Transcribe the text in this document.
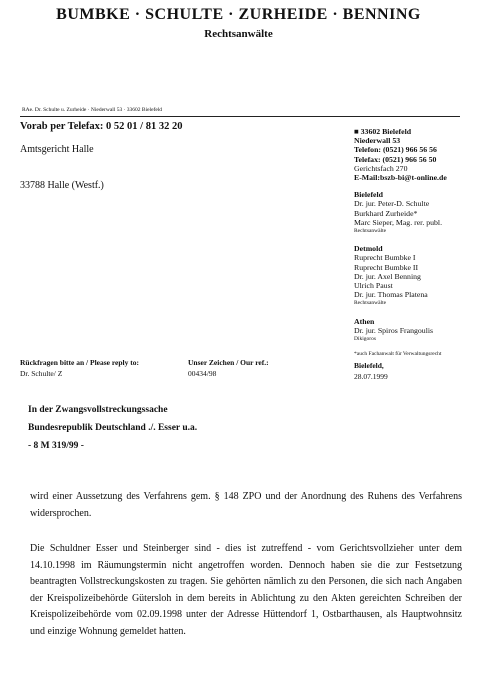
BUMBKE · SCHULTE · ZURHEIDE · BENNING
Rechtsanwälte
RAe. Dr. Schulte u. Zurheide · Niederwall 53 · 33602 Bielefeld
Vorab per Telefax: 0 52 01 / 81 32 20
Amtsgericht Halle
33788 Halle (Westf.)
■ 33602 Bielefeld
Niederwall 53
Telefon: (0521) 966 56 56
Telefax: (0521) 966 56 50
Gerichtsfach 270
E-Mail:bszb-bi@t-online.de
Bielefeld
Dr. jur. Peter-D. Schulte
Burkhard Zurheide*
Marc Sieper, Mag. rer. publ.
Rechtsanwälte
Detmold
Ruprecht Bumbke I
Ruprecht Bumbke II
Dr. jur. Axel Benning
Ulrich Paust
Dr. jur. Thomas Platena
Rechtsanwälte
Athen
Dr. jur. Spiros Frangoulis
Dikigoros
*auch Fachanwalt für Verwaltungsrecht
Rückfragen bitte an / Please reply to:
Dr. Schulte/ Z
Unser Zeichen / Our ref.:
00434/98
Bielefeld,
28.07.1999
In der Zwangsvollstreckungssache
Bundesrepublik Deutschland ./. Esser u.a.
- 8 M 319/99 -

wird einer Aussetzung des Verfahrens gem. § 148 ZPO und der Anordnung des Ruhens des Verfahrens widersprochen.

Die Schuldner Esser und Steinberger sind - dies ist zutreffend - vom Gerichtsvollzieher unter dem 14.10.1998 im Räumungstermin nicht angetroffen worden. Dennoch haben sie die zur Festsetzung beantragten Vollstreckungskosten zu tragen. Sie gehörten nämlich zu den Personen, die sich nach Angaben der Kreispolizeibehörde Gütersloh in dem bereits in Ablichtung zu den Akten gereichten Schreiben der Kreispolizeibehörde vom 02.09.1998 unter der Adresse Hüttendorf 1, Ostbarthausen, als Hauptwohnsitz und einzige Wohnung gemeldet hatten.
